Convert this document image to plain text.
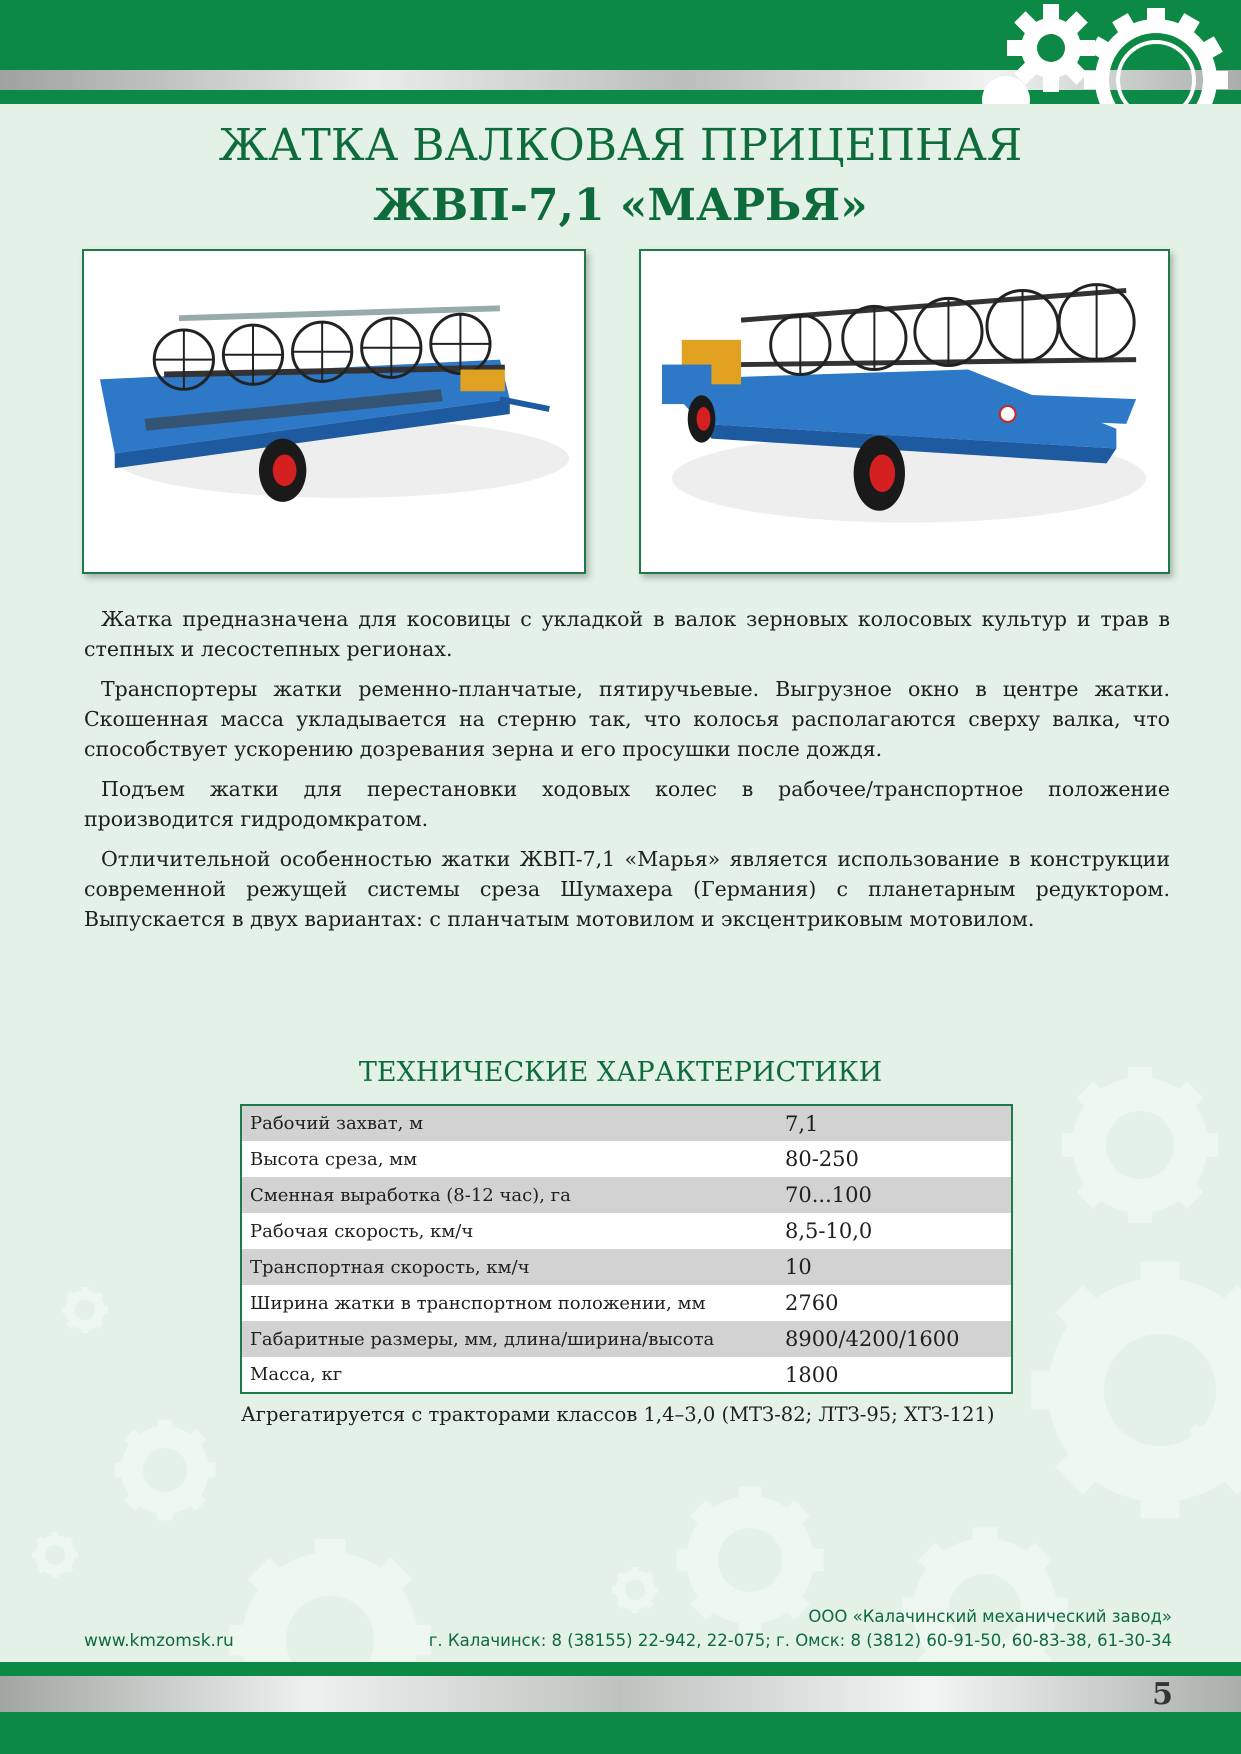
ЖАТКА ВАЛКОВАЯ ПРИЦЕПНАЯ
ЖВП-7,1 «МАРЬЯ»

Жатка предназначена для косовицы с укладкой в валок зерновых колосовых культур и трав в степных и лесостепных регионах.

Транспортеры жатки ременно-планчатые, пятиручьевые. Выгрузное окно в центре жатки. Скошенная масса укладывается на стерню так, что колосья располагаются сверху валка, что способствует ускорению дозревания зерна и его просушки после дождя.

Подъем жатки для перестановки ходовых колес в рабочее/транспортное положение производится гидродомкратом.

Отличительной особенностью жатки ЖВП-7,1 «Марья» является использование в конструкции современной режущей системы среза Шумахера (Германия) с планетарным редуктором. Выпускается в двух вариантах: с планчатым мотовилом и эксцентриковым мотовилом.

ТЕХНИЧЕСКИЕ ХАРАКТЕРИСТИКИ
Рабочий захват, м	7,1
Высота среза, мм	80-250
Сменная выработка (8-12 час), га	70...100
Рабочая скорость, км/ч	8,5-10,0
Транспортная скорость, км/ч	10
Ширина жатки в транспортном положении, мм	2760
Габаритные размеры, мм, длина/ширина/высота	8900/4200/1600
Масса, кг	1800
Агрегатируется с тракторами классов 1,4–3,0 (МТЗ-82; ЛТЗ-95; ХТЗ-121)
ООО «Калачинский механический завод»
www.kmzomsk.ru	г. Калачинск: 8 (38155) 22-942, 22-075; г. Омск: 8 (3812) 60-91-50, 60-83-38, 61-30-34
5
